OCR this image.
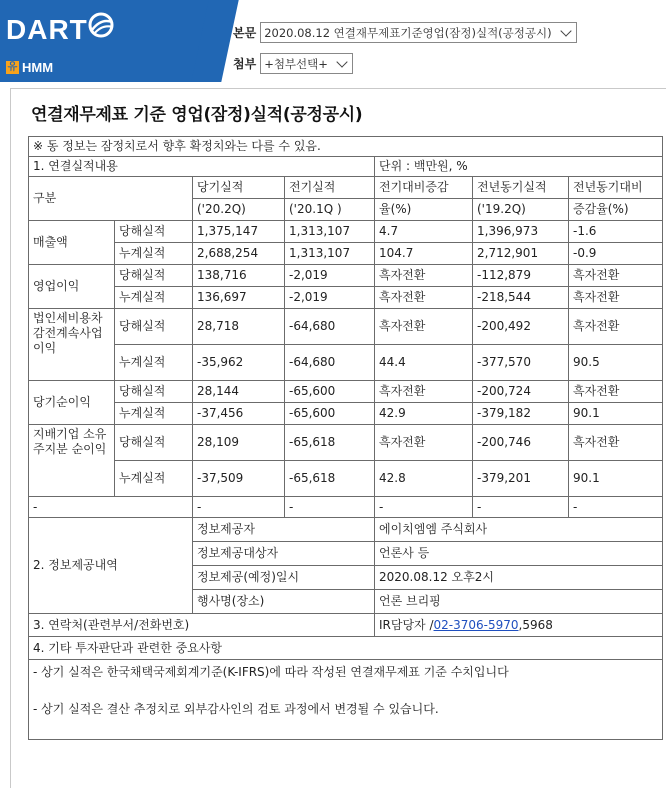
DART
유 HMM
본문 2020.08.12 연결재무제표기준영업(잠정)실적(공정공시)
첨부 +첨부선택+
연결재무제표 기준 영업(잠정)실적(공정공시)
※ 동 정보는 잠정치로서 향후 확정치와는 다를 수 있음.						
1. 연결실적내용				단위 : 백만원, %		
구분		당기실적	전기실적	전기대비증감	전년동기실적	전년동기대비
		('20.2Q)	('20.1Q )	율(%)	('19.2Q)	증감율(%)
매출액	당해실적	1,375,147	1,313,107	4.7	1,396,973	-1.6
	누계실적	2,688,254	1,313,107	104.7	2,712,901	-0.9
영업이익	당해실적	138,716	-2,019	흑자전환	-112,879	흑자전환
	누계실적	136,697	-2,019	흑자전환	-218,544	흑자전환
법인세비용차감전계속사업이익	당해실적	28,718	-64,680	흑자전환	-200,492	흑자전환
	누계실적	-35,962	-64,680	44.4	-377,570	90.5
당기순이익	당해실적	28,144	-65,600	흑자전환	-200,724	흑자전환
	누계실적	-37,456	-65,600	42.9	-379,182	90.1
지배기업 소유주지분 순이익	당해실적	28,109	-65,618	흑자전환	-200,746	흑자전환
	누계실적	-37,509	-65,618	42.8	-379,201	90.1
-		-	-	-	-	-
2. 정보제공내역		정보제공자		에이치엠엠 주식회사		
		정보제공대상자		언론사 등		
		정보제공(예정)일시		2020.08.12 오후2시		
		행사명(장소)		언론 브리핑		
3. 연락처(관련부서/전화번호)				IR담당자 /02-3706-5970,5968		
4. 기타 투자판단과 관련한 중요사항						

- 상기 실적은 한국채택국제회계기준(K-IFRS)에 따라 작성된 연결재무제표 기준 수치입니다
- 상기 실적은 결산 추정치로 외부감사인의 검토 과정에서 변경될 수 있습니다.						
